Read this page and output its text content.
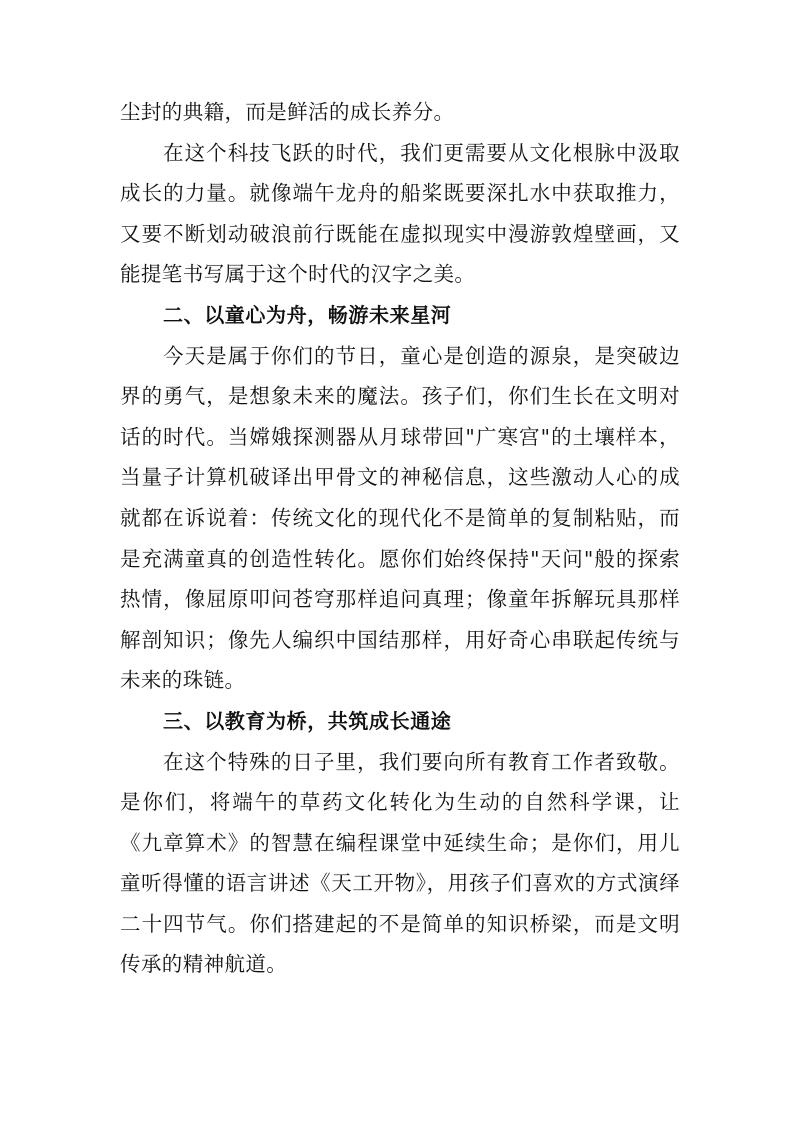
尘封的典籍，而是鲜活的成长养分。

在这个科技飞跃的时代，我们更需要从文化根脉中汲取成长的力量。就像端午龙舟的船桨既要深扎水中获取推力，又要不断划动破浪前行既能在虚拟现实中漫游敦煌壁画，又能提笔书写属于这个时代的汉字之美。

二、以童心为舟，畅游未来星河

今天是属于你们的节日，童心是创造的源泉，是突破边界的勇气，是想象未来的魔法。孩子们，你们生长在文明对话的时代。当嫦娥探测器从月球带回"广寒宫"的土壤样本，当量子计算机破译出甲骨文的神秘信息，这些激动人心的成就都在诉说着：传统文化的现代化不是简单的复制粘贴，而是充满童真的创造性转化。愿你们始终保持"天问"般的探索热情，像屈原叩问苍穹那样追问真理；像童年拆解玩具那样解剖知识；像先人编织中国结那样，用好奇心串联起传统与未来的珠链。

三、以教育为桥，共筑成长通途

在这个特殊的日子里，我们要向所有教育工作者致敬。是你们，将端午的草药文化转化为生动的自然科学课，让《九章算术》的智慧在编程课堂中延续生命；是你们，用儿童听得懂的语言讲述《天工开物》，用孩子们喜欢的方式演绎二十四节气。你们搭建起的不是简单的知识桥梁，而是文明传承的精神航道。
